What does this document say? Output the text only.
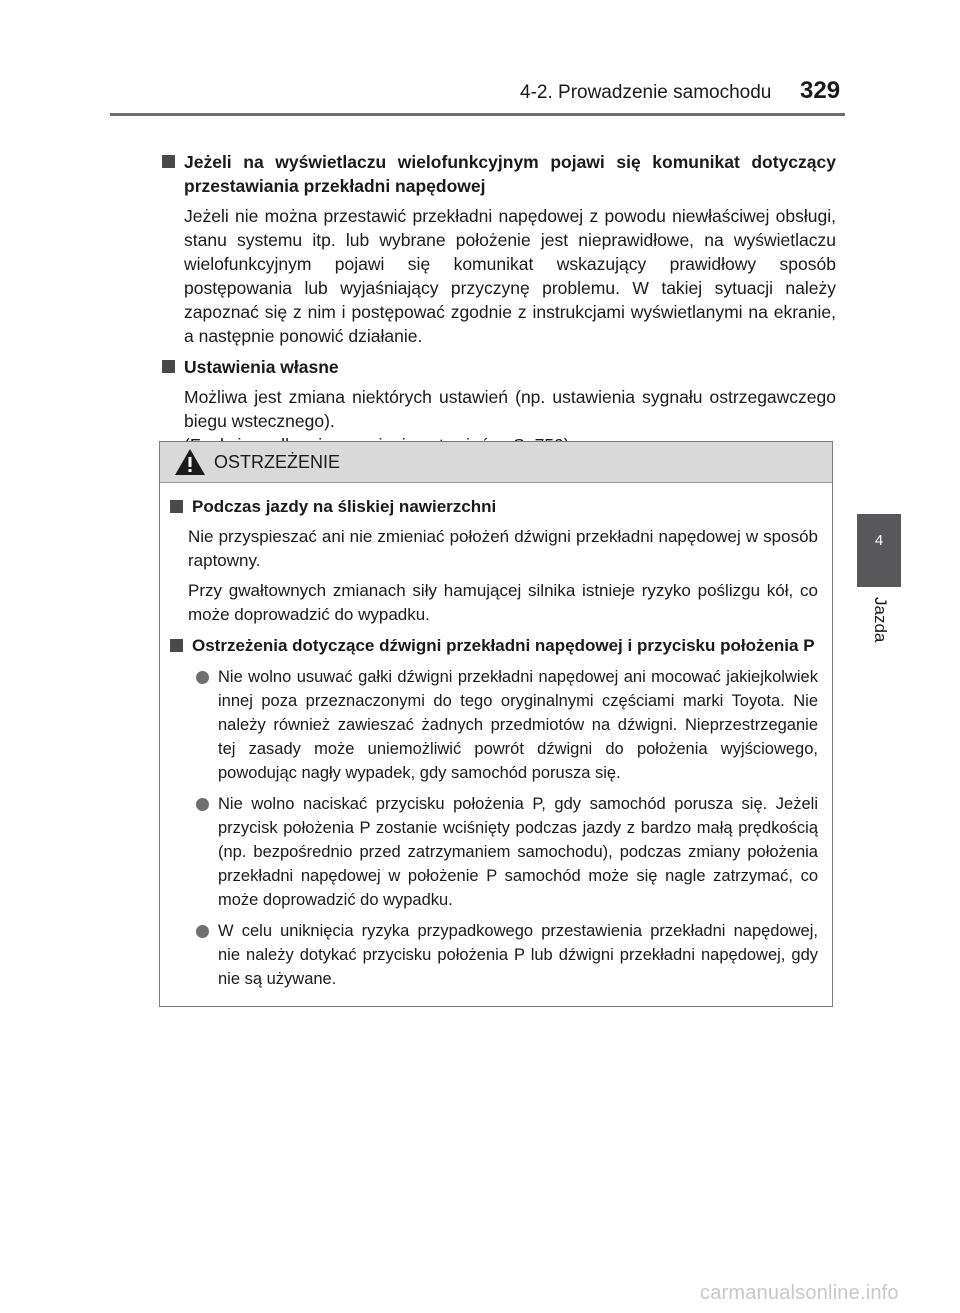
4-2. Prowadzenie samochodu 329
4
Jazda
Jeżeli na wyświetlaczu wielofunkcyjnym pojawi się komunikat dotyczący przestawiania przekładni napędowej
Jeżeli nie można przestawić przekładni napędowej z powodu niewłaściwej obsługi, stanu systemu itp. lub wybrane położenie jest nieprawidłowe, na wyświetlaczu wielofunkcyjnym pojawi się komunikat wskazujący prawidłowy sposób postępowania lub wyjaśniający przyczynę problemu. W takiej sytuacji należy zapoznać się z nim i postępować zgodnie z instrukcjami wyświetlanymi na ekranie, a następnie ponowić działanie.
Ustawienia własne
Możliwa jest zmiana niektórych ustawień (np. ustawienia sygnału ostrzegawczego biegu wstecznego).

OSTRZEŻENIE
Podczas jazdy na śliskiej nawierzchni
Nie przyspieszać ani nie zmieniać położeń dźwigni przekładni napędowej w sposób raptowny.
Przy gwałtownych zmianach siły hamującej silnika istnieje ryzyko poślizgu kół, co może doprowadzić do wypadku.
Ostrzeżenia dotyczące dźwigni przekładni napędowej i przycisku położenia P
Nie wolno usuwać gałki dźwigni przekładni napędowej ani mocować jakiejkolwiek innej poza przeznaczonymi do tego oryginalnymi częściami marki Toyota. Nie należy również zawieszać żadnych przedmiotów na dźwigni. Nieprzestrzeganie tej zasady może uniemożliwić powrót dźwigni do położenia wyjściowego, powodując nagły wypadek, gdy samochód porusza się.
Nie wolno naciskać przycisku położenia P, gdy samochód porusza się. Jeżeli przycisk położenia P zostanie wciśnięty podczas jazdy z bardzo małą prędkością (np. bezpośrednio przed zatrzymaniem samochodu), podczas zmiany położenia przekładni napędowej w położenie P samochód może się nagle zatrzymać, co może doprowadzić do wypadku.
W celu uniknięcia ryzyka przypadkowego przestawienia przekładni napędowej, nie należy dotykać przycisku położenia P lub dźwigni przekładni napędowej, gdy nie są używane.
carmanualsonline.info
